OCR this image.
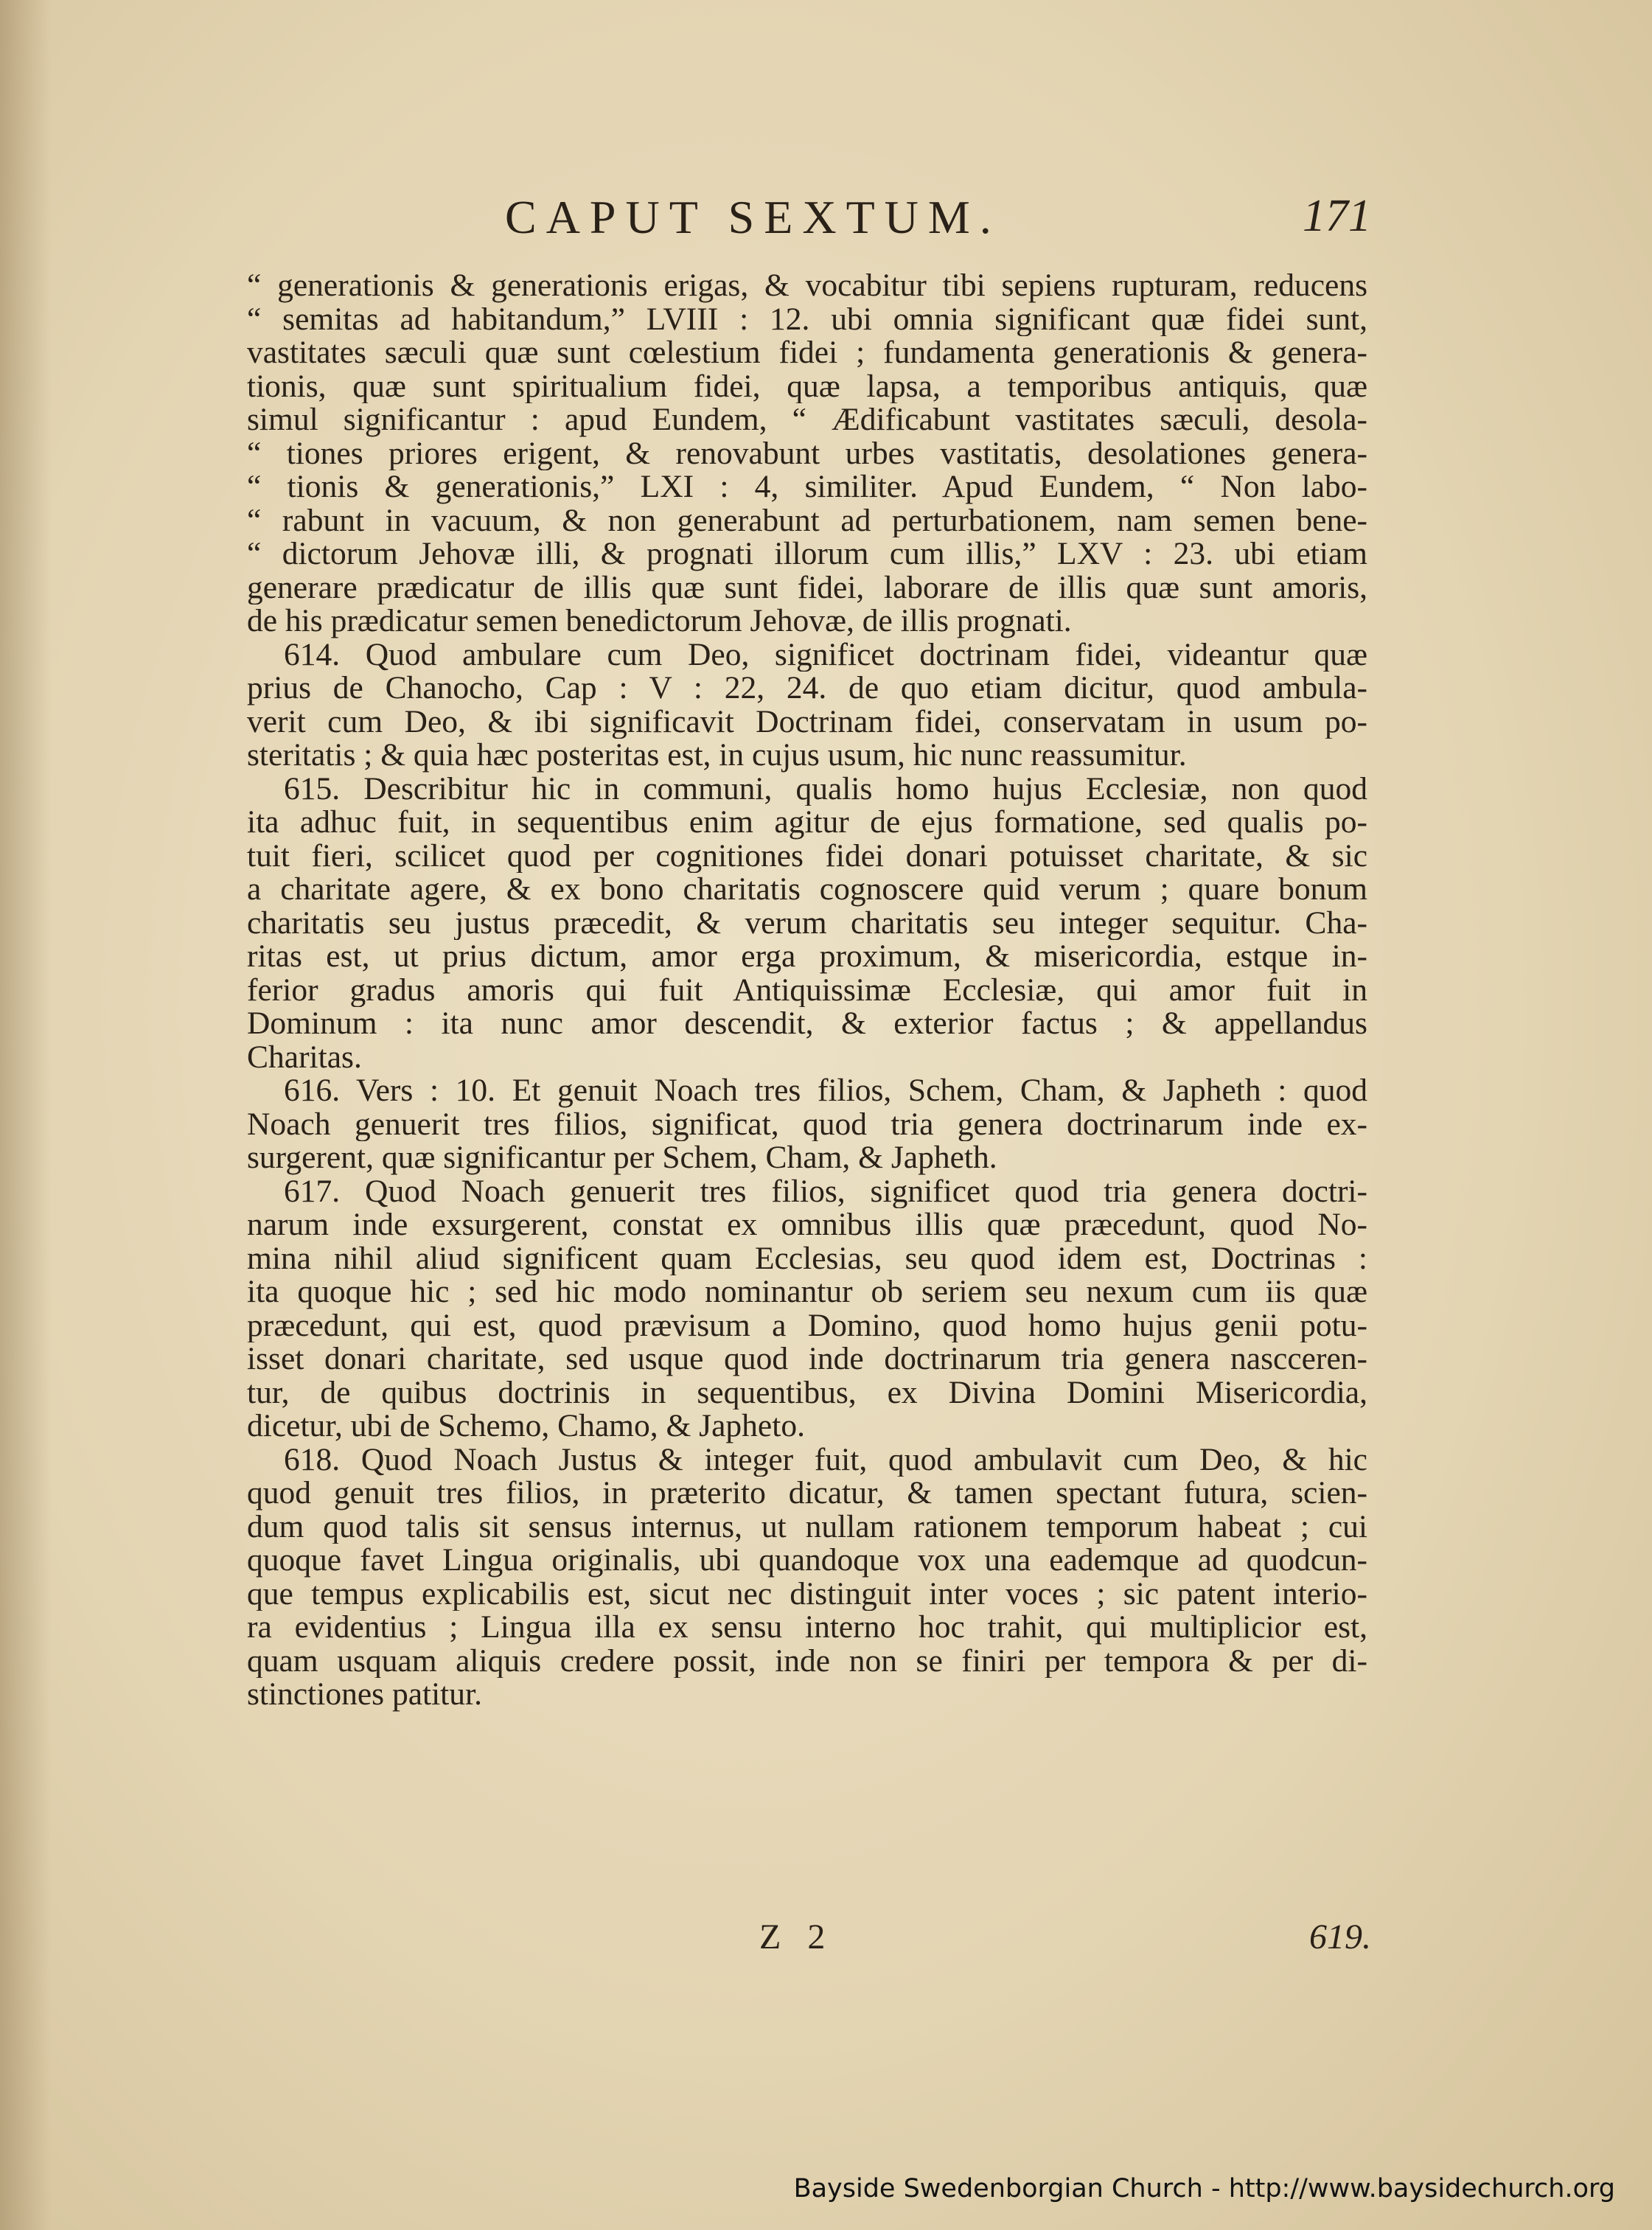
CAPUT SEXTUM.	171
“ generationis & generationis erigas, & vocabitur tibi sepiens rupturam, reducens
“ semitas ad habitandum,” LVIII : 12. ubi omnia significant quæ fidei sunt,
vastitates sæculi quæ sunt cœlestium fidei ; fundamenta generationis & genera-
tionis, quæ sunt spiritualium fidei, quæ lapsa, a temporibus antiquis, quæ
simul significantur : apud Eundem, “ Ædificabunt vastitates sæculi, desola-
“ tiones priores erigent, & renovabunt urbes vastitatis, desolationes genera-
“ tionis & generationis,” LXI : 4, similiter. Apud Eundem, “ Non labo-
“ rabunt in vacuum, & non generabunt ad perturbationem, nam semen bene-
“ dictorum Jehovæ illi, & prognati illorum cum illis,” LXV : 23. ubi etiam
generare prædicatur de illis quæ sunt fidei, laborare de illis quæ sunt amoris,
de his prædicatur semen benedictorum Jehovæ, de illis prognati.
614. Quod ambulare cum Deo, significet doctrinam fidei, videantur quæ
prius de Chanocho, Cap : V : 22, 24. de quo etiam dicitur, quod ambula-
verit cum Deo, & ibi significavit Doctrinam fidei, conservatam in usum po-
steritatis ; & quia hæc posteritas est, in cujus usum, hic nunc reassumitur.
615. Describitur hic in communi, qualis homo hujus Ecclesiæ, non quod
ita adhuc fuit, in sequentibus enim agitur de ejus formatione, sed qualis po-
tuit fieri, scilicet quod per cognitiones fidei donari potuisset charitate, & sic
a charitate agere, & ex bono charitatis cognoscere quid verum ; quare bonum
charitatis seu justus præcedit, & verum charitatis seu integer sequitur. Cha-
ritas est, ut prius dictum, amor erga proximum, & misericordia, estque in-
ferior gradus amoris qui fuit Antiquissimæ Ecclesiæ, qui amor fuit in
Dominum : ita nunc amor descendit, & exterior factus ; & appellandus
Charitas.
616. Vers : 10. Et genuit Noach tres filios, Schem, Cham, & Japheth : quod
Noach genuerit tres filios, significat, quod tria genera doctrinarum inde ex-
surgerent, quæ significantur per Schem, Cham, & Japheth.
617. Quod Noach genuerit tres filios, significet quod tria genera doctri-
narum inde exsurgerent, constat ex omnibus illis quæ præcedunt, quod No-
mina nihil aliud significent quam Ecclesias, seu quod idem est, Doctrinas :
ita quoque hic ; sed hic modo nominantur ob seriem seu nexum cum iis quæ
præcedunt, qui est, quod prævisum a Domino, quod homo hujus genii potu-
isset donari charitate, sed usque quod inde doctrinarum tria genera nascceren-
tur, de quibus doctrinis in sequentibus, ex Divina Domini Misericordia,
dicetur, ubi de Schemo, Chamo, & Japheto.
618. Quod Noach Justus & integer fuit, quod ambulavit cum Deo, & hic
quod genuit tres filios, in præterito dicatur, & tamen spectant futura, scien-
dum quod talis sit sensus internus, ut nullam rationem temporum habeat ; cui
quoque favet Lingua originalis, ubi quandoque vox una eademque ad quodcun-
que tempus explicabilis est, sicut nec distinguit inter voces ; sic patent interio-
ra evidentius ; Lingua illa ex sensu interno hoc trahit, qui multiplicior est,
quam usquam aliquis credere possit, inde non se finiri per tempora & per di-
stinctiones patitur.
Z 2	619.
Bayside Swedenborgian Church - http://www.baysidechurch.org
